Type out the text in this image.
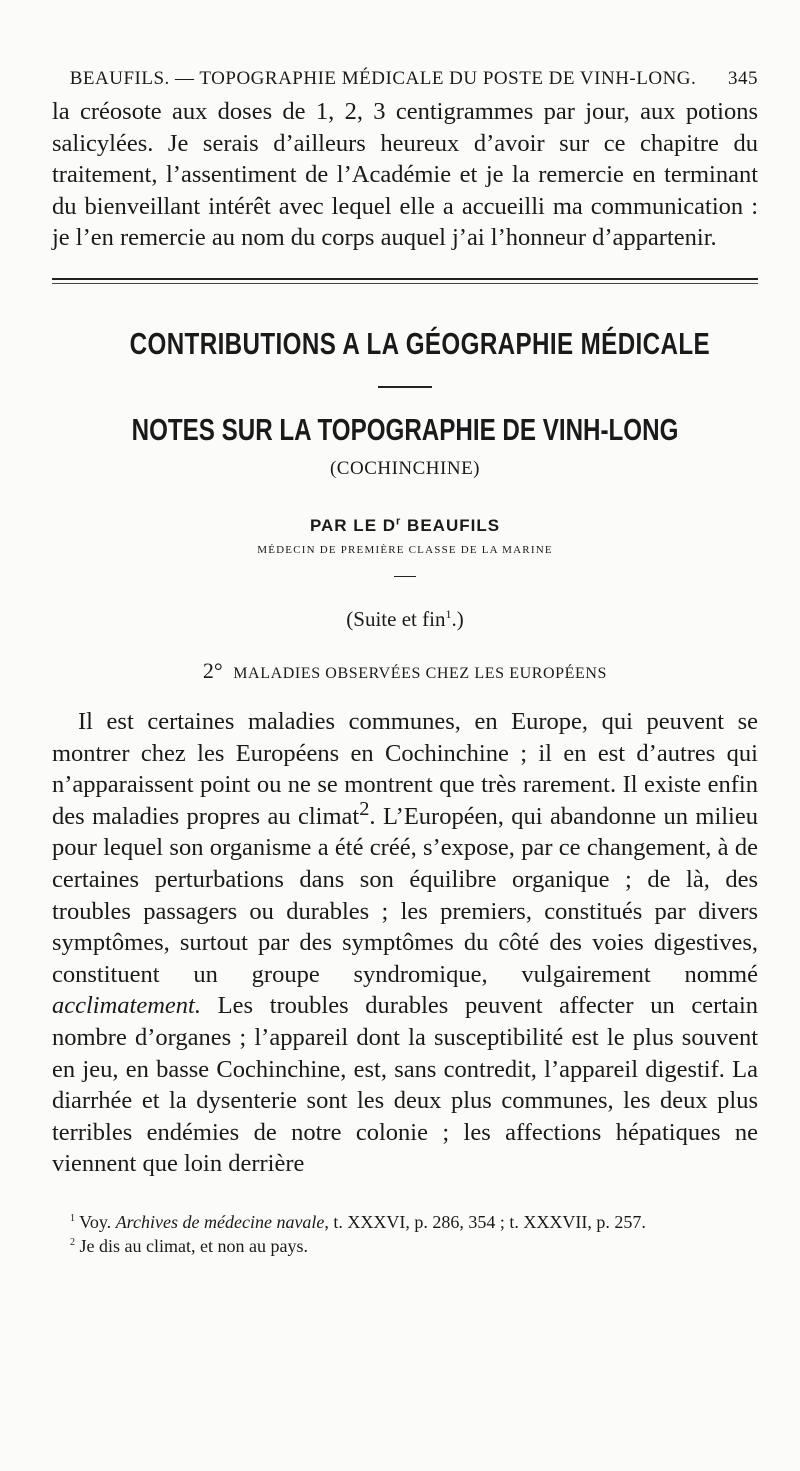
BEAUFILS. — TOPOGRAPHIE MÉDICALE DU POSTE DE VINH-LONG.	345

la créosote aux doses de 1, 2, 3 centigrammes par jour, aux potions salicylées. Je serais d’ailleurs heureux d’avoir sur ce chapitre du traitement, l’assentiment de l’Académie et je la remercie en terminant du bienveillant intérêt avec lequel elle a accueilli ma communication : je l’en remercie au nom du corps auquel j’ai l’honneur d’appartenir.

CONTRIBUTIONS A LA GÉOGRAPHIE MÉDICALE
NOTES SUR LA TOPOGRAPHIE DE VINH-LONG
(COCHINCHINE)
PAR LE $D^r$ BEAUFILS
MÉDECIN DE PREMIÈRE CLASSE DE LA MARINE
(Suite et fin$^1$.)
2° MALADIES OBSERVÉES CHEZ LES EUROPÉENS

Il est certaines maladies communes, en Europe, qui peuvent se montrer chez les Européens en Cochinchine ; il en est d’autres qui n’apparaissent point ou ne se montrent que très rarement. Il existe enfin des maladies propres au climat$^2$. L’Européen, qui abandonne un milieu pour lequel son organisme a été créé, s’expose, par ce changement, à de certaines perturbations dans son équilibre organique ; de là, des troubles passagers ou durables ; les premiers, constitués par divers symptômes, surtout par des symptômes du côté des voies digestives, constituent un groupe syndromique, vulgairement nommé acclimatement. Les troubles durables peuvent affecter un certain nombre d’organes ; l’appareil dont la susceptibilité est le plus souvent en jeu, en basse Cochinchine, est, sans contredit, l’appareil digestif. La diarrhée et la dysenterie sont les deux plus communes, les deux plus terribles endémies de notre colonie ; les affections hépatiques ne viennent que loin derrière

$^1$ Voy. Archives de médecine navale, t. XXXVI, p. 286, 354 ; t. XXXVII, p. 257.

$^2$ Je dis au climat, et non au pays.
